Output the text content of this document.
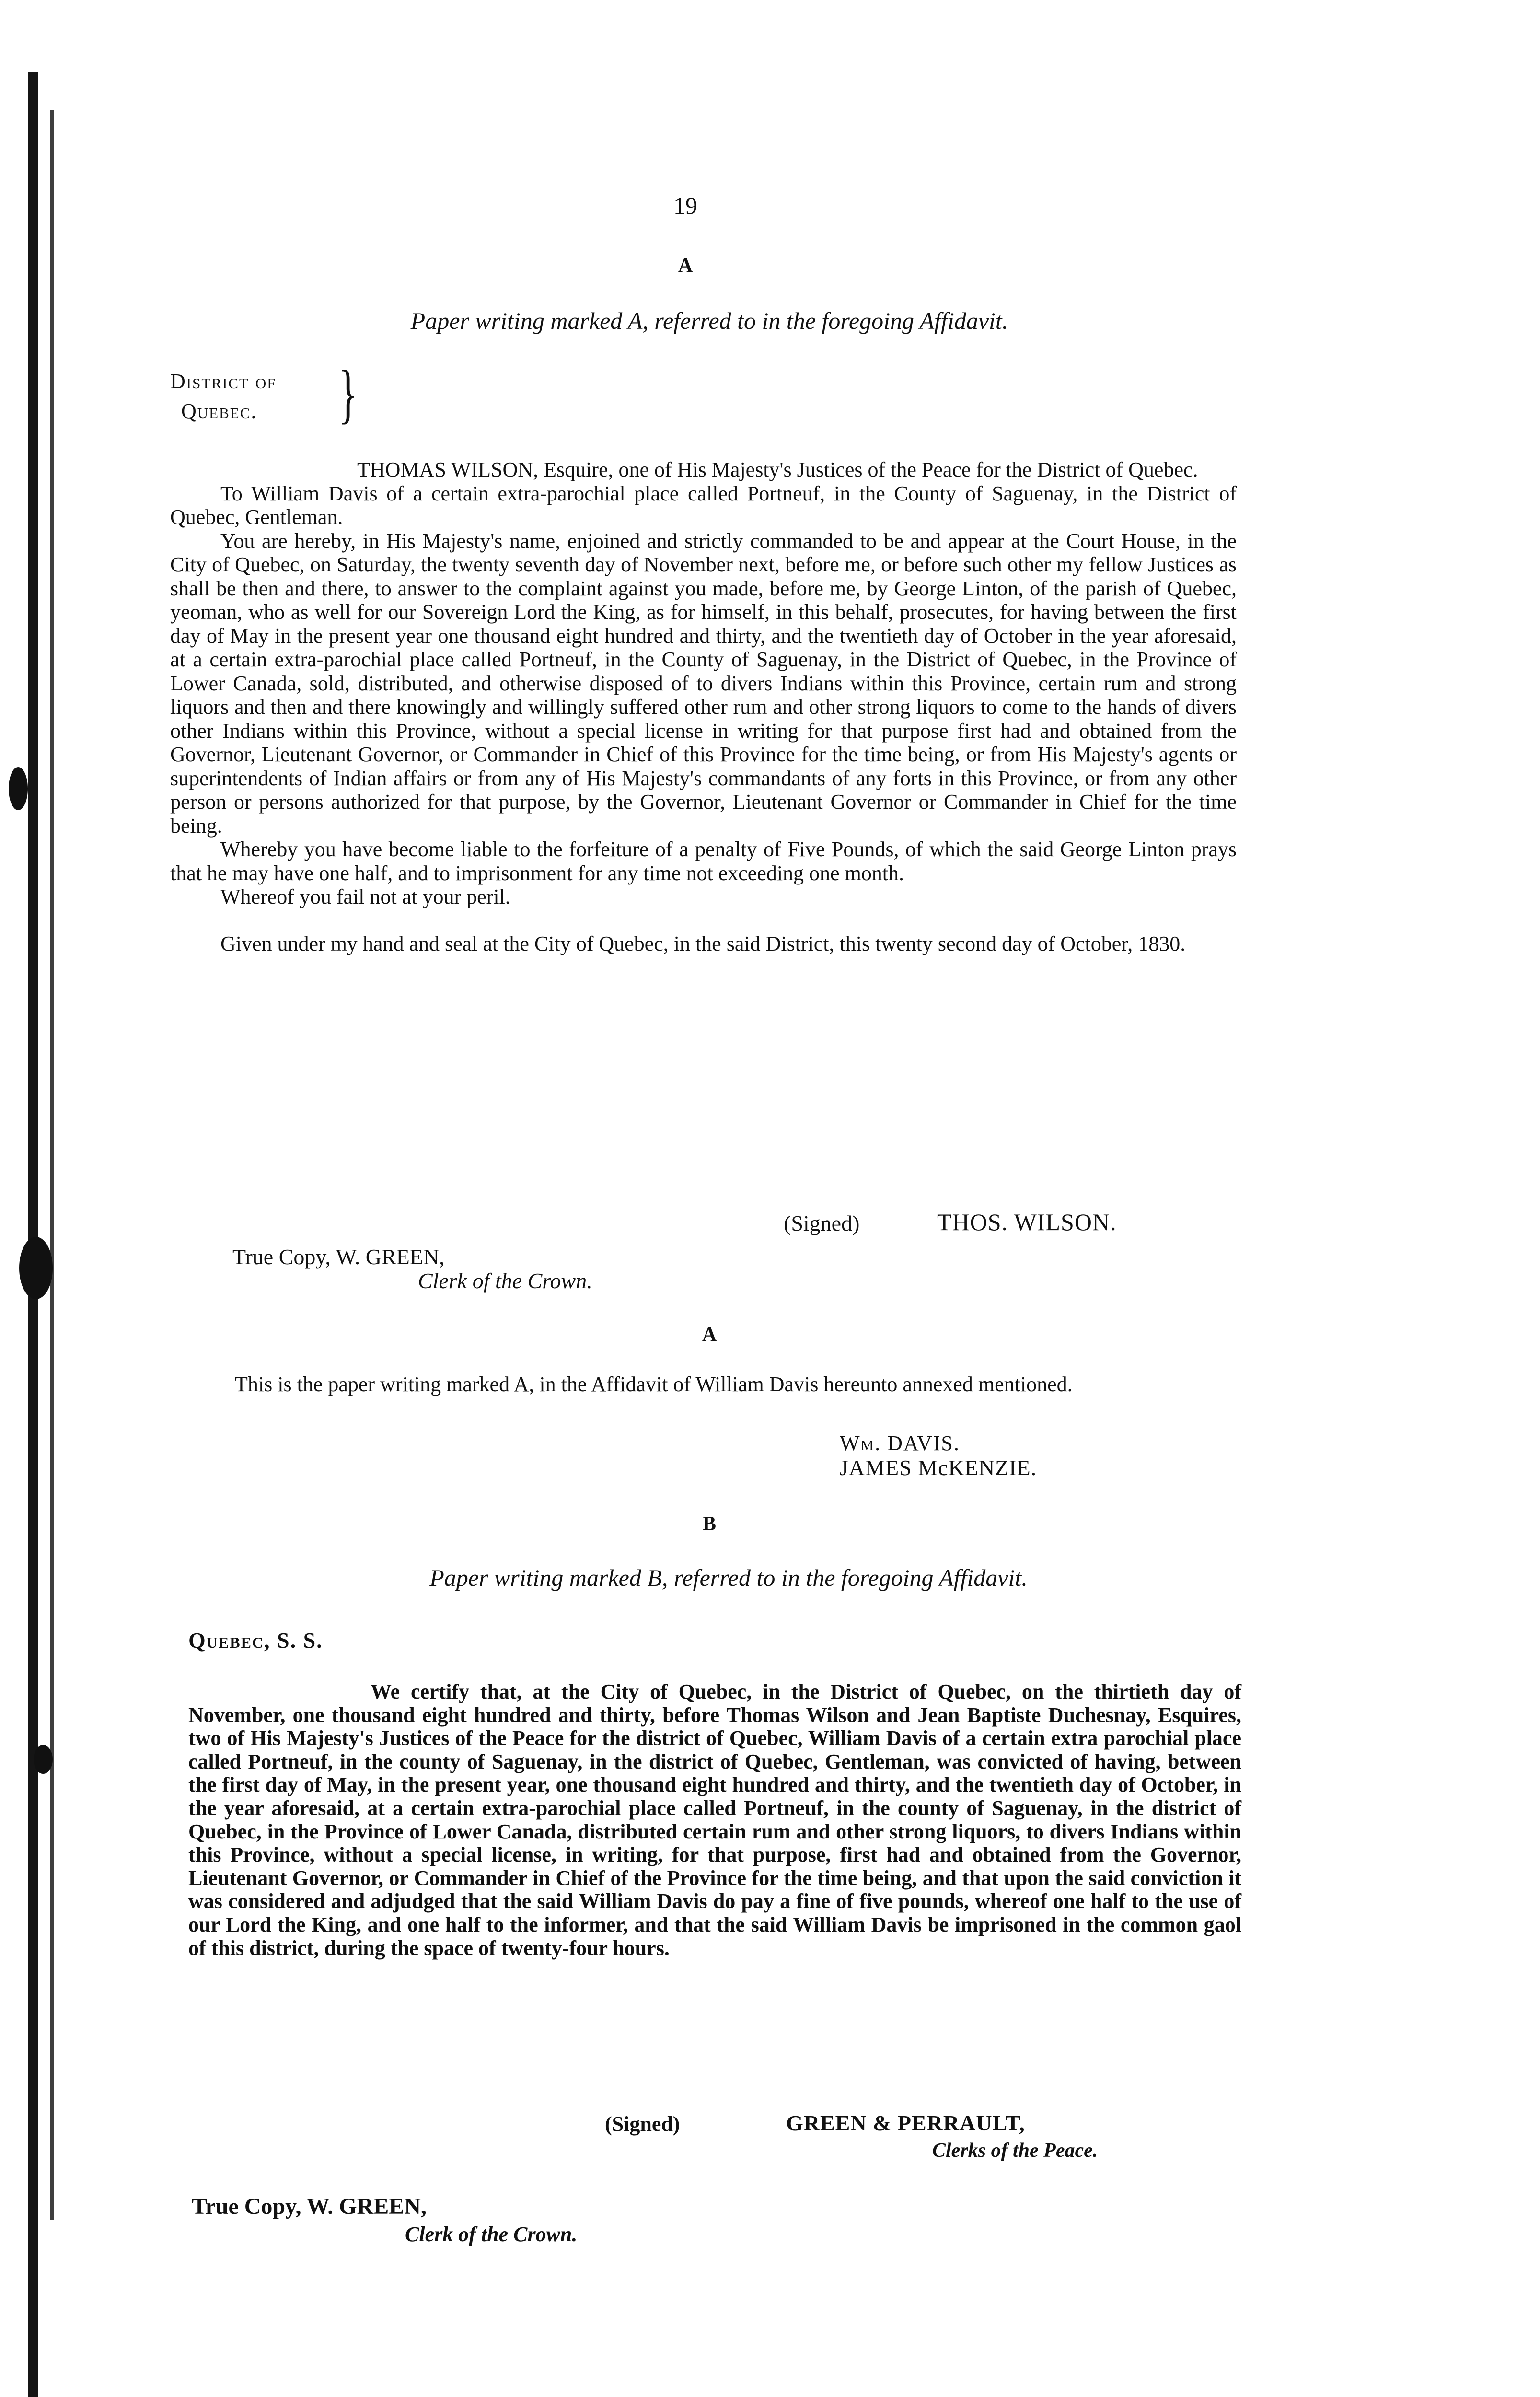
19
A
Paper writing marked A, referred to in the foregoing Affidavit.
District of
Quebec. }

THOMAS WILSON, Esquire, one of His Majesty's Justices of the Peace for the District of Quebec.

To William Davis of a certain extra-parochial place called Portneuf, in the County of Saguenay, in the District of Quebec, Gentleman.

You are hereby, in His Majesty's name, enjoined and strictly commanded to be and appear at the Court House, in the City of Quebec, on Saturday, the twenty seventh day of November next, before me, or before such other my fellow Justices as shall be then and there, to answer to the complaint against you made, before me, by George Linton, of the parish of Quebec, yeoman, who as well for our Sovereign Lord the King, as for himself, in this behalf, prosecutes, for having between the first day of May in the present year one thousand eight hundred and thirty, and the twentieth day of October in the year aforesaid, at a certain extra-parochial place called Portneuf, in the County of Saguenay, in the District of Quebec, in the Province of Lower Canada, sold, distributed, and otherwise disposed of to divers Indians within this Province, certain rum and strong liquors and then and there knowingly and willingly suffered other rum and other strong liquors to come to the hands of divers other Indians within this Province, without a special license in writing for that purpose first had and obtained from the Governor, Lieutenant Governor, or Commander in Chief of this Province for the time being, or from His Majesty's agents or superintendents of Indian affairs or from any of His Majesty's commandants of any forts in this Province, or from any other person or persons authorized for that purpose, by the Governor, Lieutenant Governor or Commander in Chief for the time being.

Whereby you have become liable to the forfeiture of a penalty of Five Pounds, of which the said George Linton prays that he may have one half, and to imprisonment for any time not exceeding one month.

Whereof you fail not at your peril.

Given under my hand and seal at the City of Quebec, in the said District, this twenty second day of October, 1830.

(Signed)	THOS. WILSON.
True Copy, W. GREEN,
Clerk of the Crown.
A
This is the paper writing marked A, in the Affidavit of William Davis hereunto annexed mentioned.
Wm. DAVIS.
JAMES McKENZIE.
B
Paper writing marked B, referred to in the foregoing Affidavit.
Quebec, S. S.

We certify that, at the City of Quebec, in the District of Quebec, on the thirtieth day of November, one thousand eight hundred and thirty, before Thomas Wilson and Jean Baptiste Duchesnay, Esquires, two of His Majesty's Justices of the Peace for the district of Quebec, William Davis of a certain extra parochial place called Portneuf, in the county of Saguenay, in the district of Quebec, Gentleman, was convicted of having, between the first day of May, in the present year, one thousand eight hundred and thirty, and the twentieth day of October, in the year aforesaid, at a certain extra-parochial place called Portneuf, in the county of Saguenay, in the district of Quebec, in the Province of Lower Canada, distributed certain rum and other strong liquors, to divers Indians within this Province, without a special license, in writing, for that purpose, first had and obtained from the Governor, Lieutenant Governor, or Commander in Chief of the Province for the time being, and that upon the said conviction it was considered and adjudged that the said William Davis do pay a fine of five pounds, whereof one half to the use of our Lord the King, and one half to the informer, and that the said William Davis be imprisoned in the common gaol of this district, during the space of twenty-four hours.

(Signed)	GREEN & PERRAULT,
Clerks of the Peace.
True Copy, W. GREEN,
Clerk of the Crown.
